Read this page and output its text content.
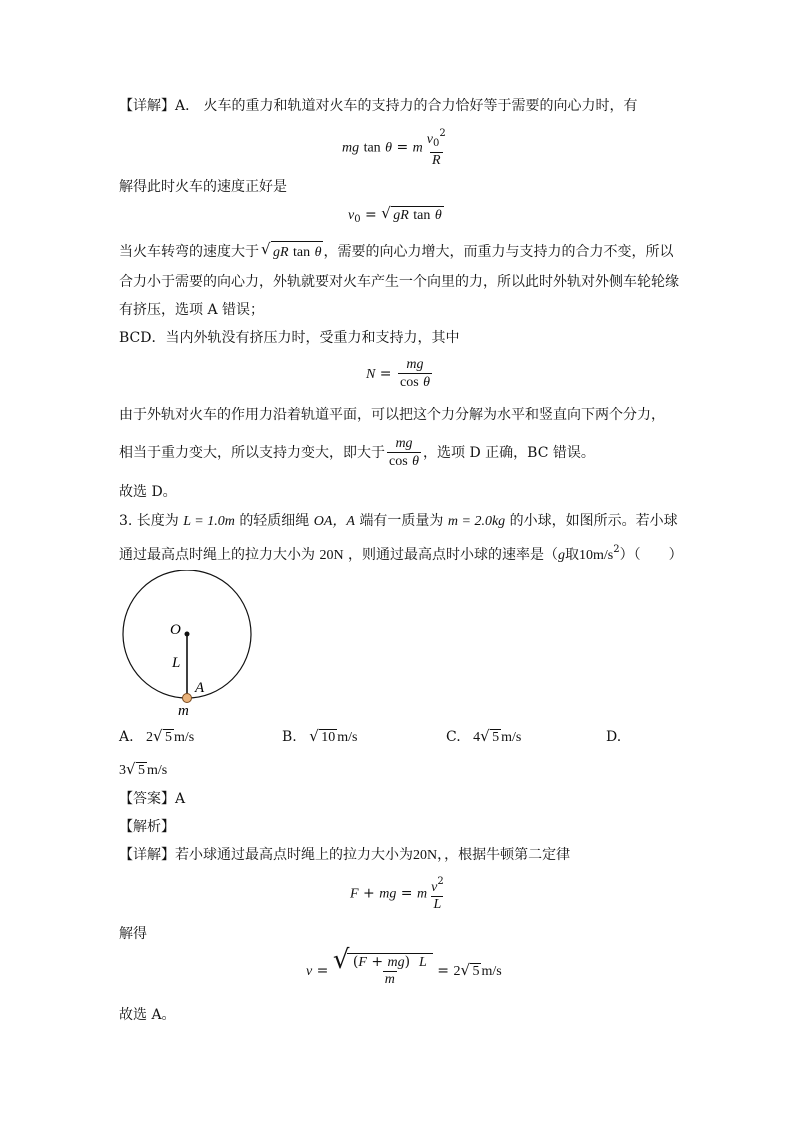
【详解】A． 火车的重力和轨道对火车的支持力的合力恰好等于需要的向心力时，有
mg tan θ = m $\frac{v_0^2}{R}$
解得此时火车的速度正好是
$v_0$ = √ gR tan θ
当火车转弯的速度大于 √ gR tan θ ，需要的向心力增大，而重力与支持力的合力不变，所以
合力小于需要的向心力，外轨就要对火车产生一个向里的力，所以此时外轨对外侧车轮轮缘
有挤压，选项 A 错误；
BCD．当内外轨没有挤压力时，受重力和支持力，其中
$N = \frac{mg}{\text{cos θ}}$
由于外轨对火车的作用力沿着轨道平面，可以把这个力分解为水平和竖直向下两个分力，
相当于重力变大，所以支持力变大，即大于 $\frac{mg}{\text{cos θ}}$ ，选项 D 正确，BC 错误。
故选 D。
3. 长度为 L = 1.0m 的轻质细绳 OA，A 端有一质量为 m = 2.0kg 的小球，如图所示。若小球
通过最高点时绳上的拉力大小为 20N ，则通过最高点时小球的速率是（g取$10m/s^2$）（　　）
O
L
A
m
A. 2 √ 5 m/s	B. √ 10 m/s	C. 4 √ 5 m/s	D.
3 √ 5 m/s
【答案】A
【解析】
【详解】若小球通过最高点时绳上的拉力大小为20N，，根据牛顿第二定律
F + mg = m $\frac{v^2}{L}$
解得
v = √ $\frac{(F + mg) L}{m} = 2$ √ 5 m/s
故选 A。
